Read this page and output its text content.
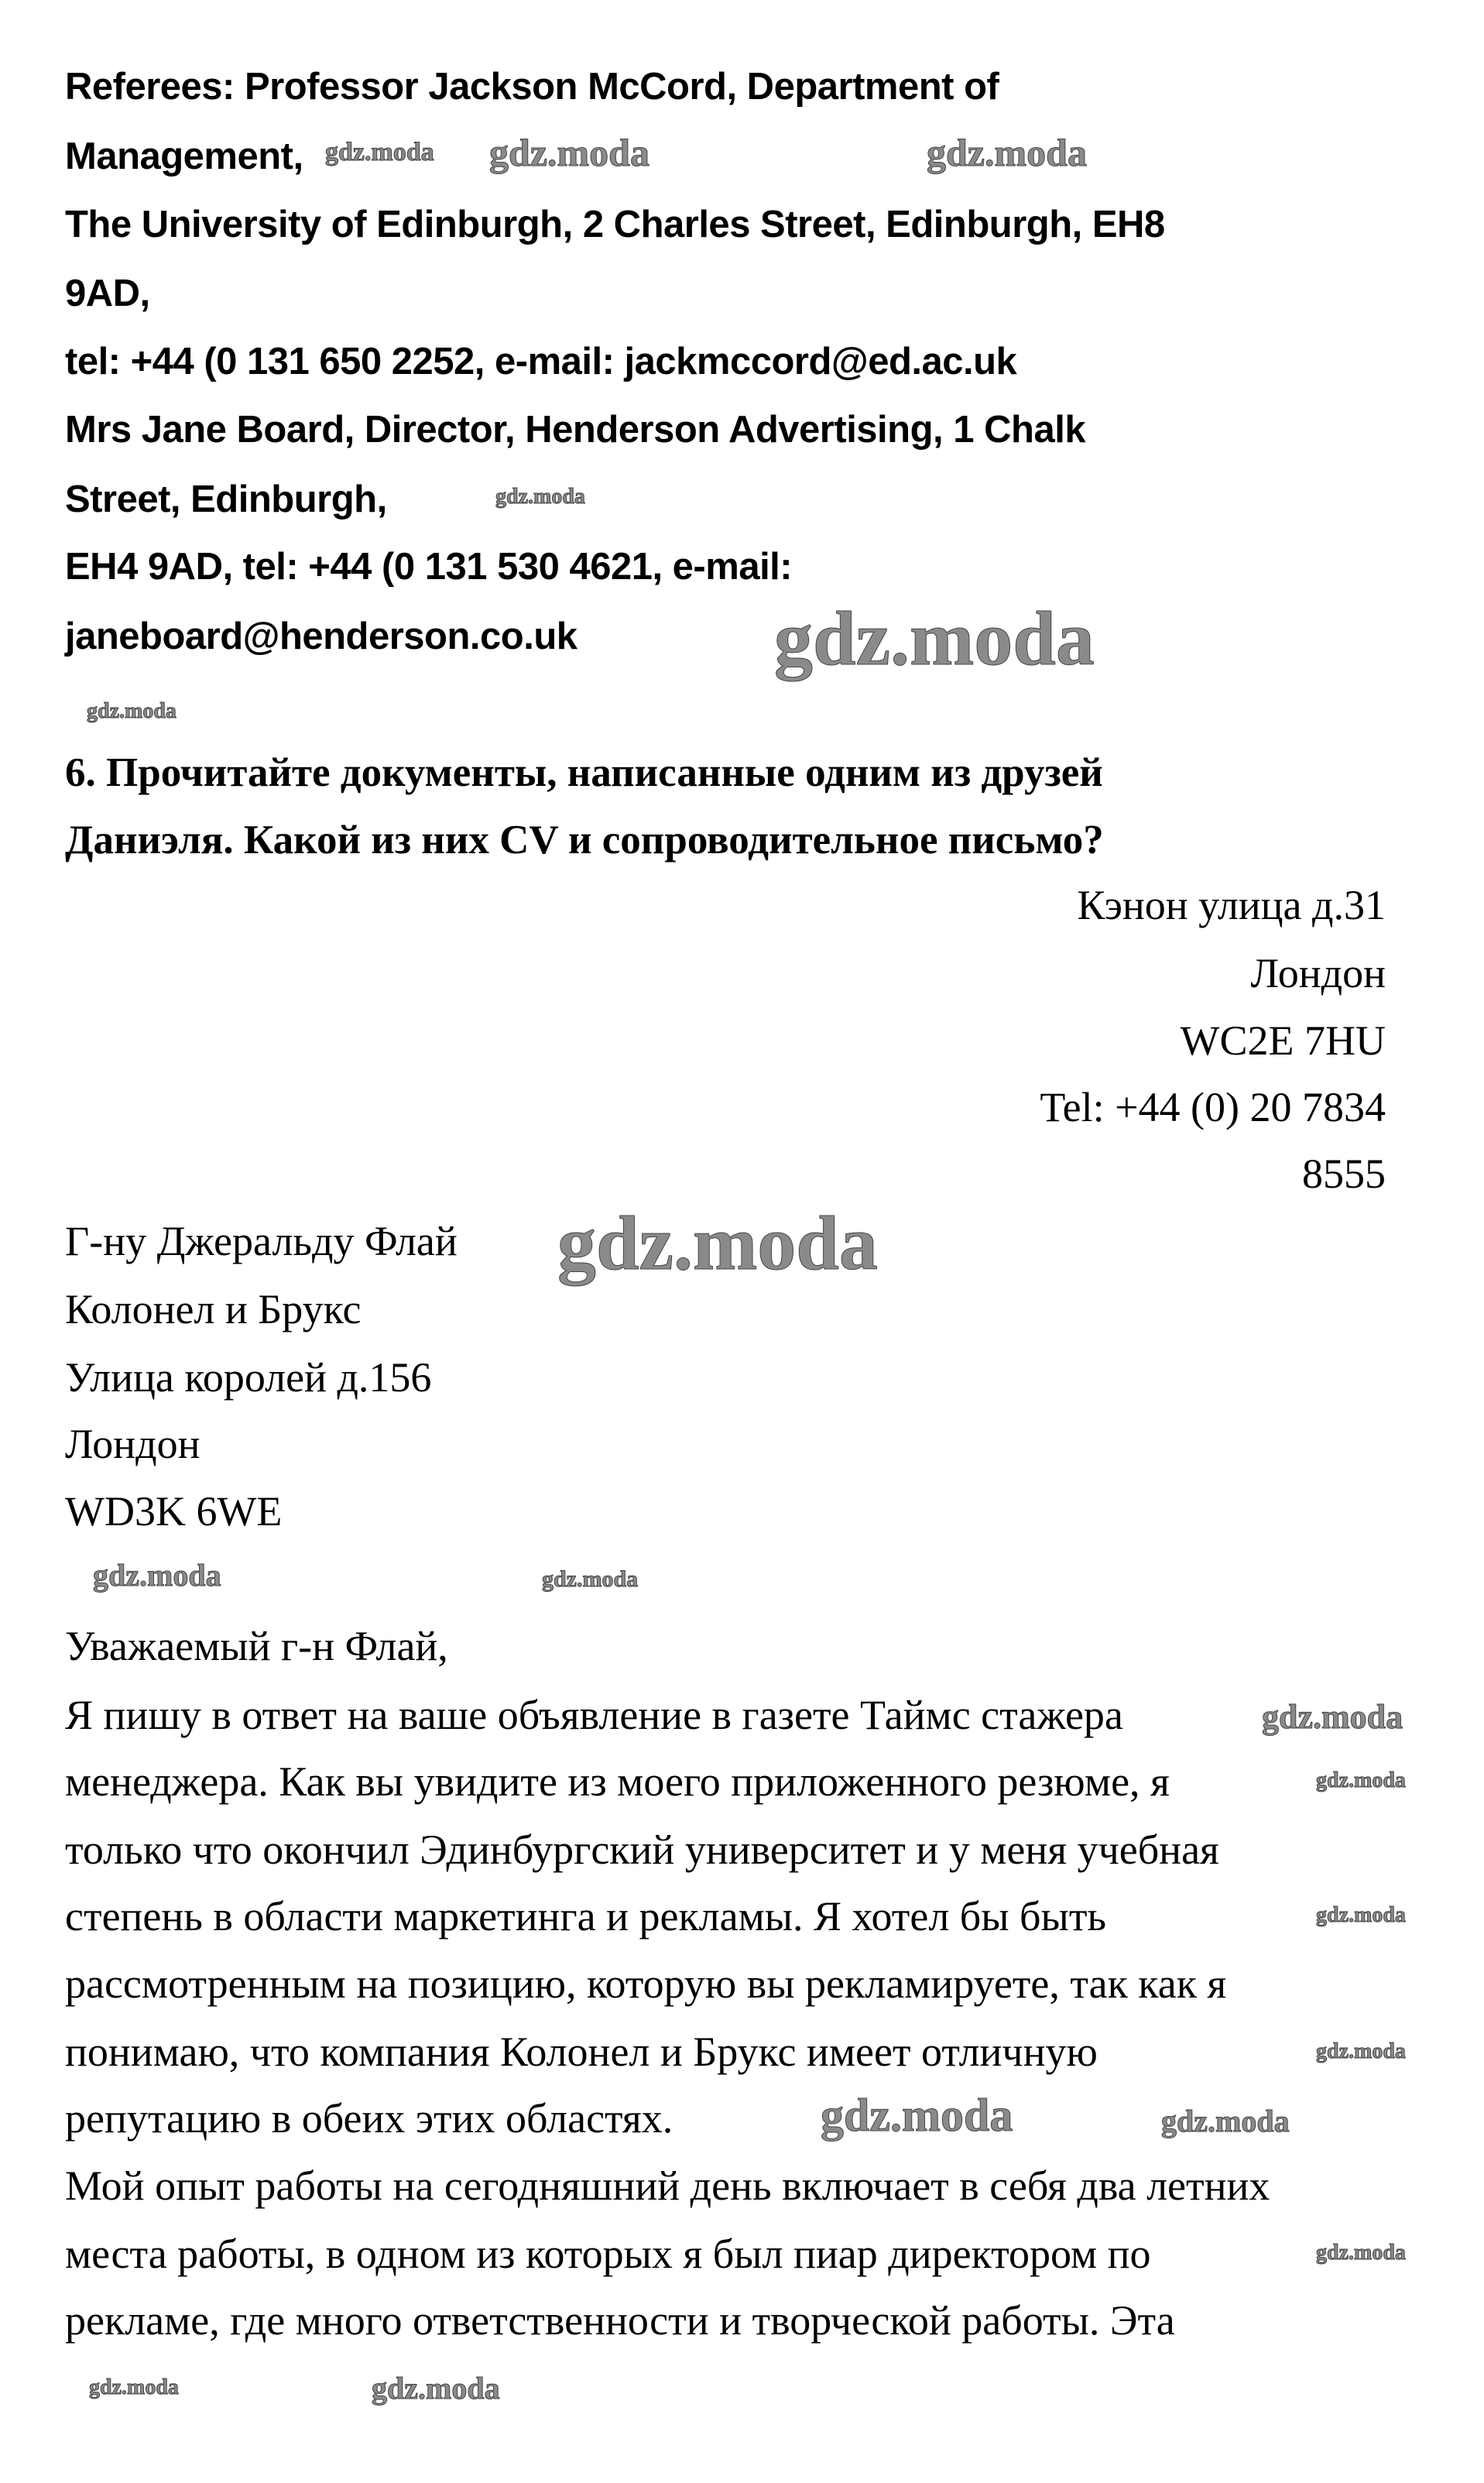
Referees: Professor Jackson McCord, Department of
Management,
The University of Edinburgh, 2 Charles Street, Edinburgh, EH8
9AD,
tel: +44 (0 131 650 2252, e-mail: jackmccord@ed.ac.uk
Mrs Jane Board, Director, Henderson Advertising, 1 Chalk
Street, Edinburgh,
EH4 9AD, tel: +44 (0 131 530 4621, e-mail:
janeboard@henderson.co.uk
6. Прочитайте документы, написанные одним из друзей
Даниэля. Какой из них CV и сопроводительное письмо?
Кэнон улица д.31
Лондон
WC2E 7HU
Tel: +44 (0) 20 7834
8555
Г-ну Джеральду Флай
Колонел и Брукс
Улица королей д.156
Лондон
WD3K 6WE
Уважаемый г-н Флай,
Я пишу в ответ на ваше объявление в газете Таймс стажера
менеджера. Как вы увидите из моего приложенного резюме, я
только что окончил Эдинбургский университет и у меня учебная
степень в области маркетинга и рекламы. Я хотел бы быть
рассмотренным на позицию, которую вы рекламируете, так как я
понимаю, что компания Колонел и Брукс имеет отличную
репутацию в обеих этих областях.
Мой опыт работы на сегодняшний день включает в себя два летних
места работы, в одном из которых я был пиар директором по
рекламе, где много ответственности и творческой работы. Эта
gdz.moda gdz.moda	gdz.moda
gdz.moda
gdz.moda
gdz.moda
gdz.moda
gdz.moda
gdz.moda	gdz.moda
gdz.moda
gdz.moda
gdz.moda
gdz.moda
gdz.moda
gdz.moda
gdz.moda
gdz.moda
